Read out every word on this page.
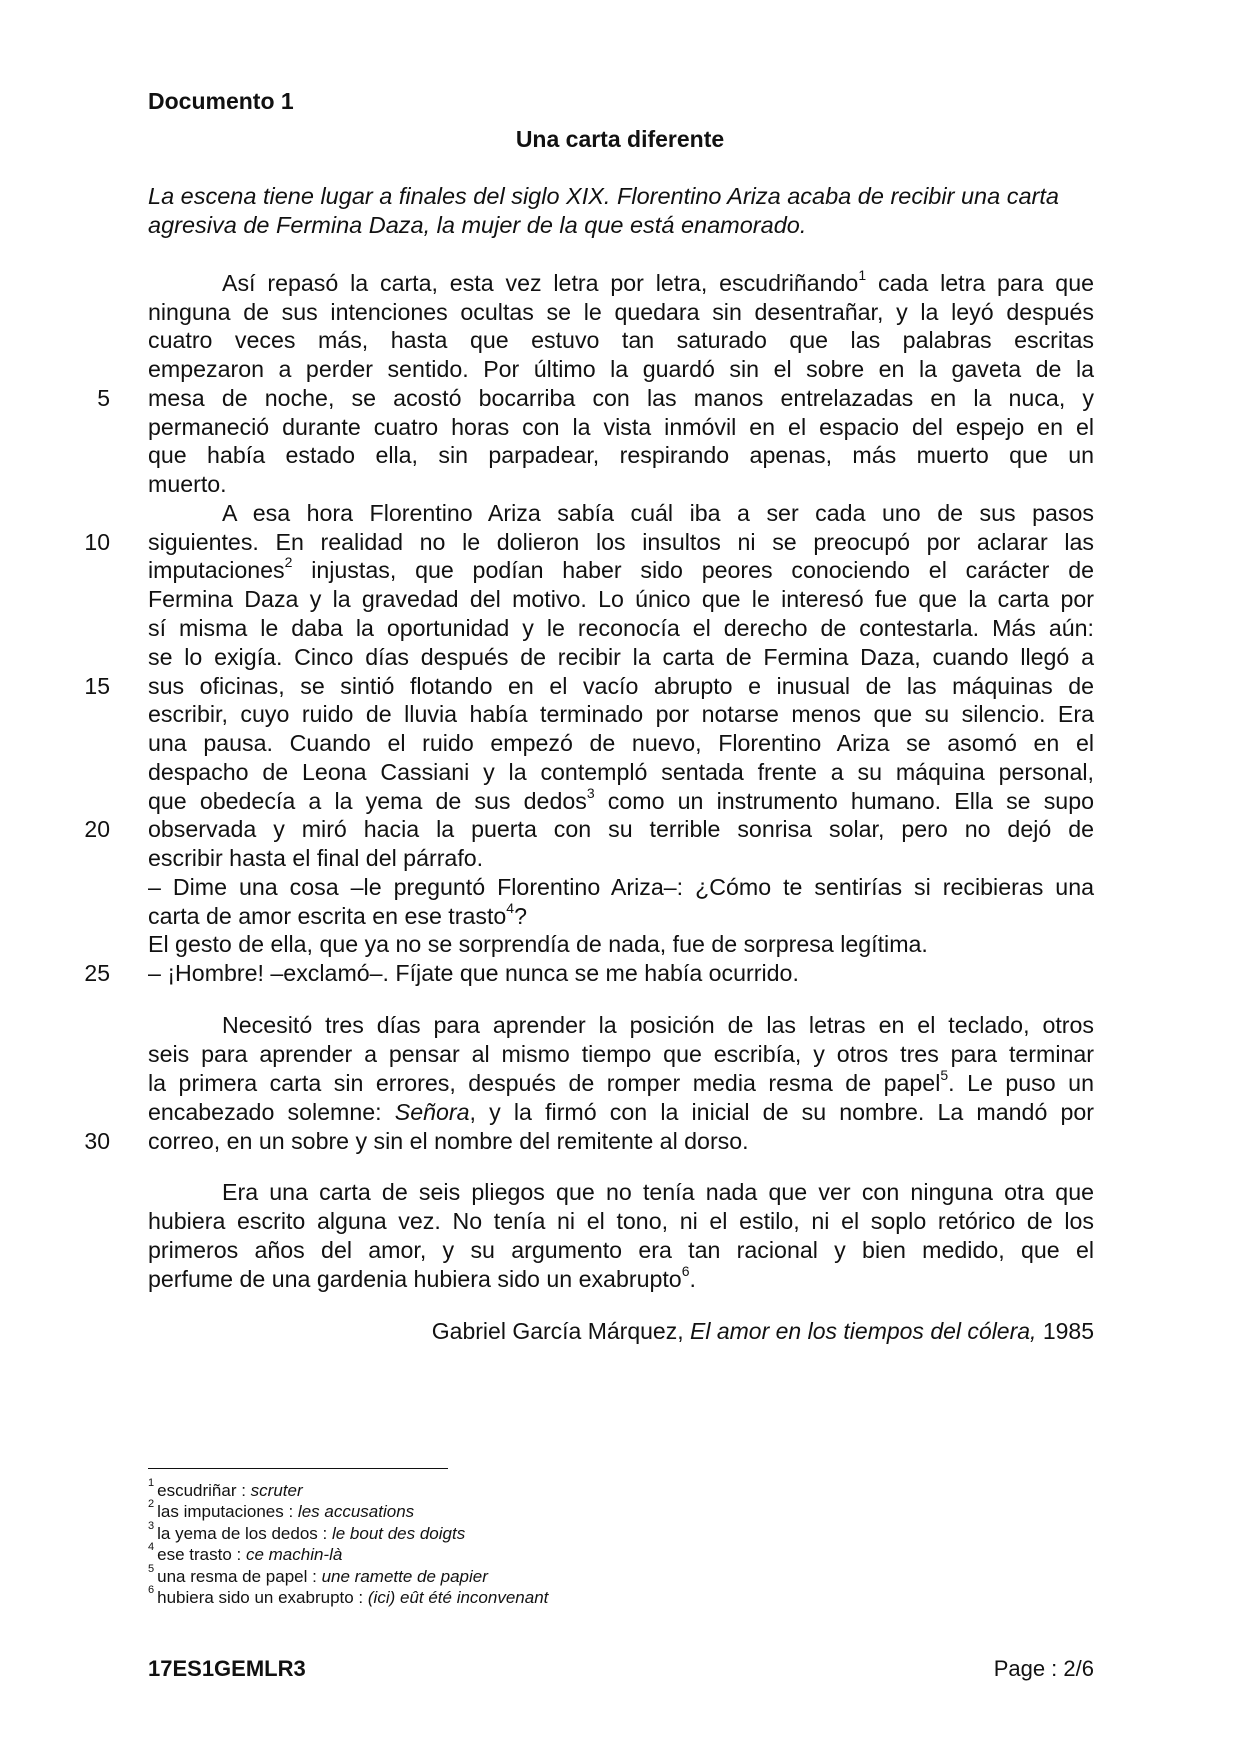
Documento 1
Una carta diferente
La escena tiene lugar a finales del siglo XIX. Florentino Ariza acaba de recibir una carta agresiva de Fermina Daza, la mujer de la que está enamorado.
5
10
15
20
25
30
Así repasó la carta, esta vez letra por letra, escudriñando$^1$ cada letra para que
ninguna de sus intenciones ocultas se le quedara sin desentrañar, y la leyó después
cuatro veces más, hasta que estuvo tan saturado que las palabras escritas
empezaron a perder sentido. Por último la guardó sin el sobre en la gaveta de la
mesa de noche, se acostó bocarriba con las manos entrelazadas en la nuca, y
permaneció durante cuatro horas con la vista inmóvil en el espacio del espejo en el
que había estado ella, sin parpadear, respirando apenas, más muerto que un
muerto.
A esa hora Florentino Ariza sabía cuál iba a ser cada uno de sus pasos
siguientes. En realidad no le dolieron los insultos ni se preocupó por aclarar las
imputaciones$^2$ injustas, que podían haber sido peores conociendo el carácter de
Fermina Daza y la gravedad del motivo. Lo único que le interesó fue que la carta por
sí misma le daba la oportunidad y le reconocía el derecho de contestarla. Más aún:
se lo exigía. Cinco días después de recibir la carta de Fermina Daza, cuando llegó a
sus oficinas, se sintió flotando en el vacío abrupto e inusual de las máquinas de
escribir, cuyo ruido de lluvia había terminado por notarse menos que su silencio. Era
una pausa. Cuando el ruido empezó de nuevo, Florentino Ariza se asomó en el
despacho de Leona Cassiani y la contempló sentada frente a su máquina personal,
que obedecía a la yema de sus dedos$^3$ como un instrumento humano. Ella se supo
observada y miró hacia la puerta con su terrible sonrisa solar, pero no dejó de
escribir hasta el final del párrafo.
– Dime una cosa –le preguntó Florentino Ariza–: ¿Cómo te sentirías si recibieras una
carta de amor escrita en ese trasto$^4$?
El gesto de ella, que ya no se sorprendía de nada, fue de sorpresa legítima.
– ¡Hombre! –exclamó–. Fíjate que nunca se me había ocurrido.
Necesitó tres días para aprender la posición de las letras en el teclado, otros
seis para aprender a pensar al mismo tiempo que escribía, y otros tres para terminar
la primera carta sin errores, después de romper media resma de papel$^5$. Le puso un
encabezado solemne: Señora, y la firmó con la inicial de su nombre. La mandó por
correo, en un sobre y sin el nombre del remitente al dorso.
Era una carta de seis pliegos que no tenía nada que ver con ninguna otra que
hubiera escrito alguna vez. No tenía ni el tono, ni el estilo, ni el soplo retórico de los
primeros años del amor, y su argumento era tan racional y bien medido, que el
perfume de una gardenia hubiera sido un exabrupto$^6$.
Gabriel García Márquez, El amor en los tiempos del cólera, 1985
$^1$ escudriñar : scruter
$^2$ las imputaciones : les accusations
$^3$ la yema de los dedos : le bout des doigts
$^4$ ese trasto : ce machin-là
$^5$ una resma de papel : une ramette de papier
$^6$ hubiera sido un exabrupto : (ici) eût été inconvenant
17ES1GEMLR3	Page : 2/6
